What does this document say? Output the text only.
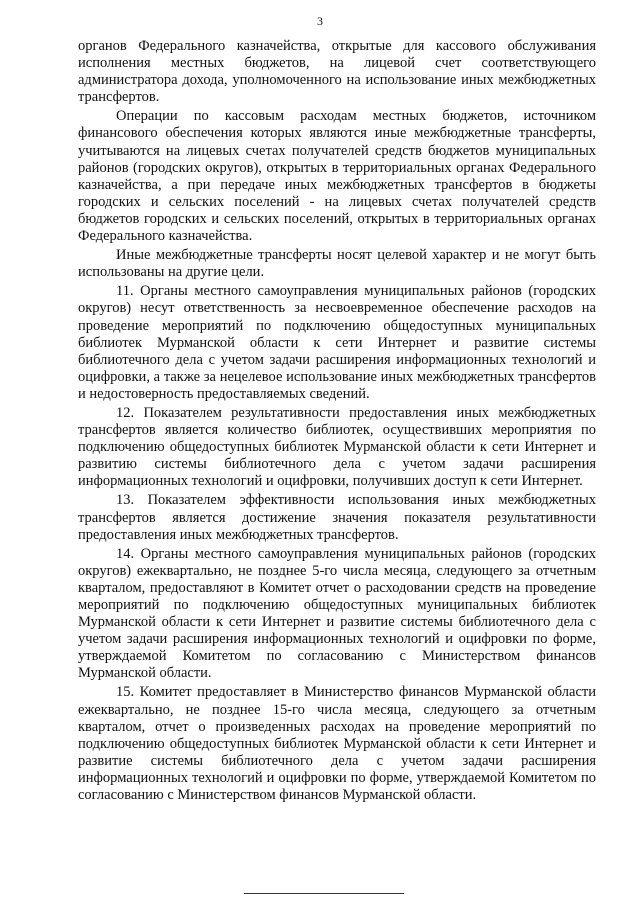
3

органов Федерального казначейства, открытые для кассового обслуживания исполнения местных бюджетов, на лицевой счет соответствующего администратора дохода, уполномоченного на использование иных межбюджетных трансфертов.

Операции по кассовым расходам местных бюджетов, источником финансового обеспечения которых являются иные межбюджетные трансферты, учитываются на лицевых счетах получателей средств бюджетов муниципальных районов (городских округов), открытых в территориальных органах Федерального казначейства, а при передаче иных межбюджетных трансфертов в бюджеты городских и сельских поселений - на лицевых счетах получателей средств бюджетов городских и сельских поселений, открытых в территориальных органах Федерального казначейства.

Иные межбюджетные трансферты носят целевой характер и не могут быть использованы на другие цели.

11. Органы местного самоуправления муниципальных районов (городских округов) несут ответственность за несвоевременное обеспечение расходов на проведение мероприятий по подключению общедоступных муниципальных библиотек Мурманской области к сети Интернет и развитие системы библиотечного дела с учетом задачи расширения информационных технологий и оцифровки, а также за нецелевое использование иных межбюджетных трансфертов и недостоверность предоставляемых сведений.

12. Показателем результативности предоставления иных межбюджетных трансфертов является количество библиотек, осуществивших мероприятия по подключению общедоступных библиотек Мурманской области к сети Интернет и развитию системы библиотечного дела с учетом задачи расширения информационных технологий и оцифровки, получивших доступ к сети Интернет.

13. Показателем эффективности использования иных межбюджетных трансфертов является достижение значения показателя результативности предоставления иных межбюджетных трансфертов.

14. Органы местного самоуправления муниципальных районов (городских округов) ежеквартально, не позднее 5-го числа месяца, следующего за отчетным кварталом, предоставляют в Комитет отчет о расходовании средств на проведение мероприятий по подключению общедоступных муниципальных библиотек Мурманской области к сети Интернет и развитие системы библиотечного дела с учетом задачи расширения информационных технологий и оцифровки по форме, утверждаемой Комитетом по согласованию с Министерством финансов Мурманской области.

15. Комитет предоставляет в Министерство финансов Мурманской области ежеквартально, не позднее 15-го числа месяца, следующего за отчетным кварталом, отчет о произведенных расходах на проведение мероприятий по подключению общедоступных библиотек Мурманской области к сети Интернет и развитие системы библиотечного дела с учетом задачи расширения информационных технологий и оцифровки по форме, утверждаемой Комитетом по согласованию с Министерством финансов Мурманской области.
